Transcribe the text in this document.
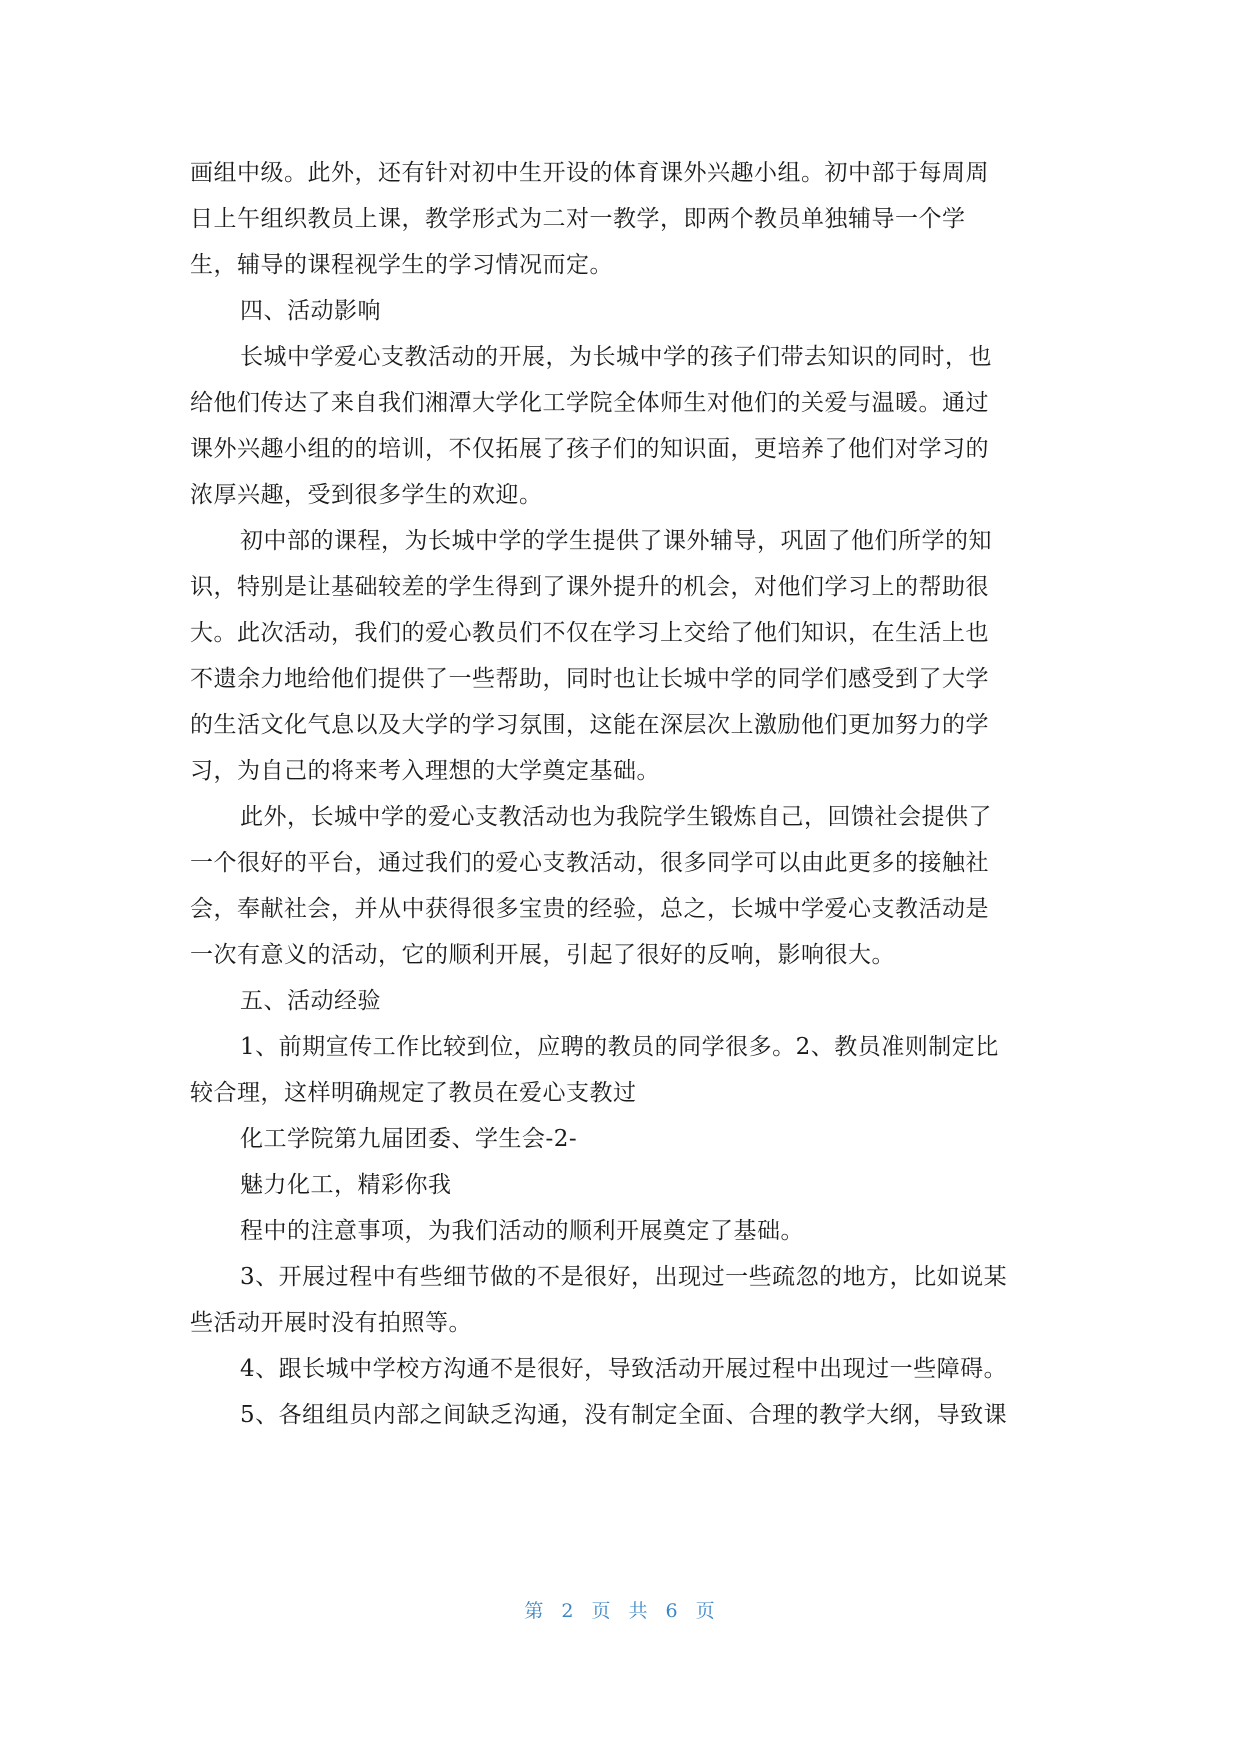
画组中级。此外，还有针对初中生开设的体育课外兴趣小组。初中部于每周周

日上午组织教员上课，教学形式为二对一教学，即两个教员单独辅导一个学

生，辅导的课程视学生的学习情况而定。

四、活动影响

长城中学爱心支教活动的开展，为长城中学的孩子们带去知识的同时，也

给他们传达了来自我们湘潭大学化工学院全体师生对他们的关爱与温暖。通过

课外兴趣小组的的培训，不仅拓展了孩子们的知识面，更培养了他们对学习的

浓厚兴趣，受到很多学生的欢迎。

初中部的课程，为长城中学的学生提供了课外辅导，巩固了他们所学的知

识，特别是让基础较差的学生得到了课外提升的机会，对他们学习上的帮助很

大。此次活动，我们的爱心教员们不仅在学习上交给了他们知识，在生活上也

不遗余力地给他们提供了一些帮助，同时也让长城中学的同学们感受到了大学

的生活文化气息以及大学的学习氛围，这能在深层次上激励他们更加努力的学

习，为自己的将来考入理想的大学奠定基础。

此外，长城中学的爱心支教活动也为我院学生锻炼自己，回馈社会提供了

一个很好的平台，通过我们的爱心支教活动，很多同学可以由此更多的接触社

会，奉献社会，并从中获得很多宝贵的经验，总之，长城中学爱心支教活动是

一次有意义的活动，它的顺利开展，引起了很好的反响，影响很大。

五、活动经验

1、前期宣传工作比较到位，应聘的教员的同学很多。2、教员准则制定比

较合理，这样明确规定了教员在爱心支教过

化工学院第九届团委、学生会-2-

魅力化工，精彩你我

程中的注意事项，为我们活动的顺利开展奠定了基础。

3、开展过程中有些细节做的不是很好，出现过一些疏忽的地方，比如说某

些活动开展时没有拍照等。

4、跟长城中学校方沟通不是很好，导致活动开展过程中出现过一些障碍。

5、各组组员内部之间缺乏沟通，没有制定全面、合理的教学大纲，导致课

第 2 页 共 6 页
